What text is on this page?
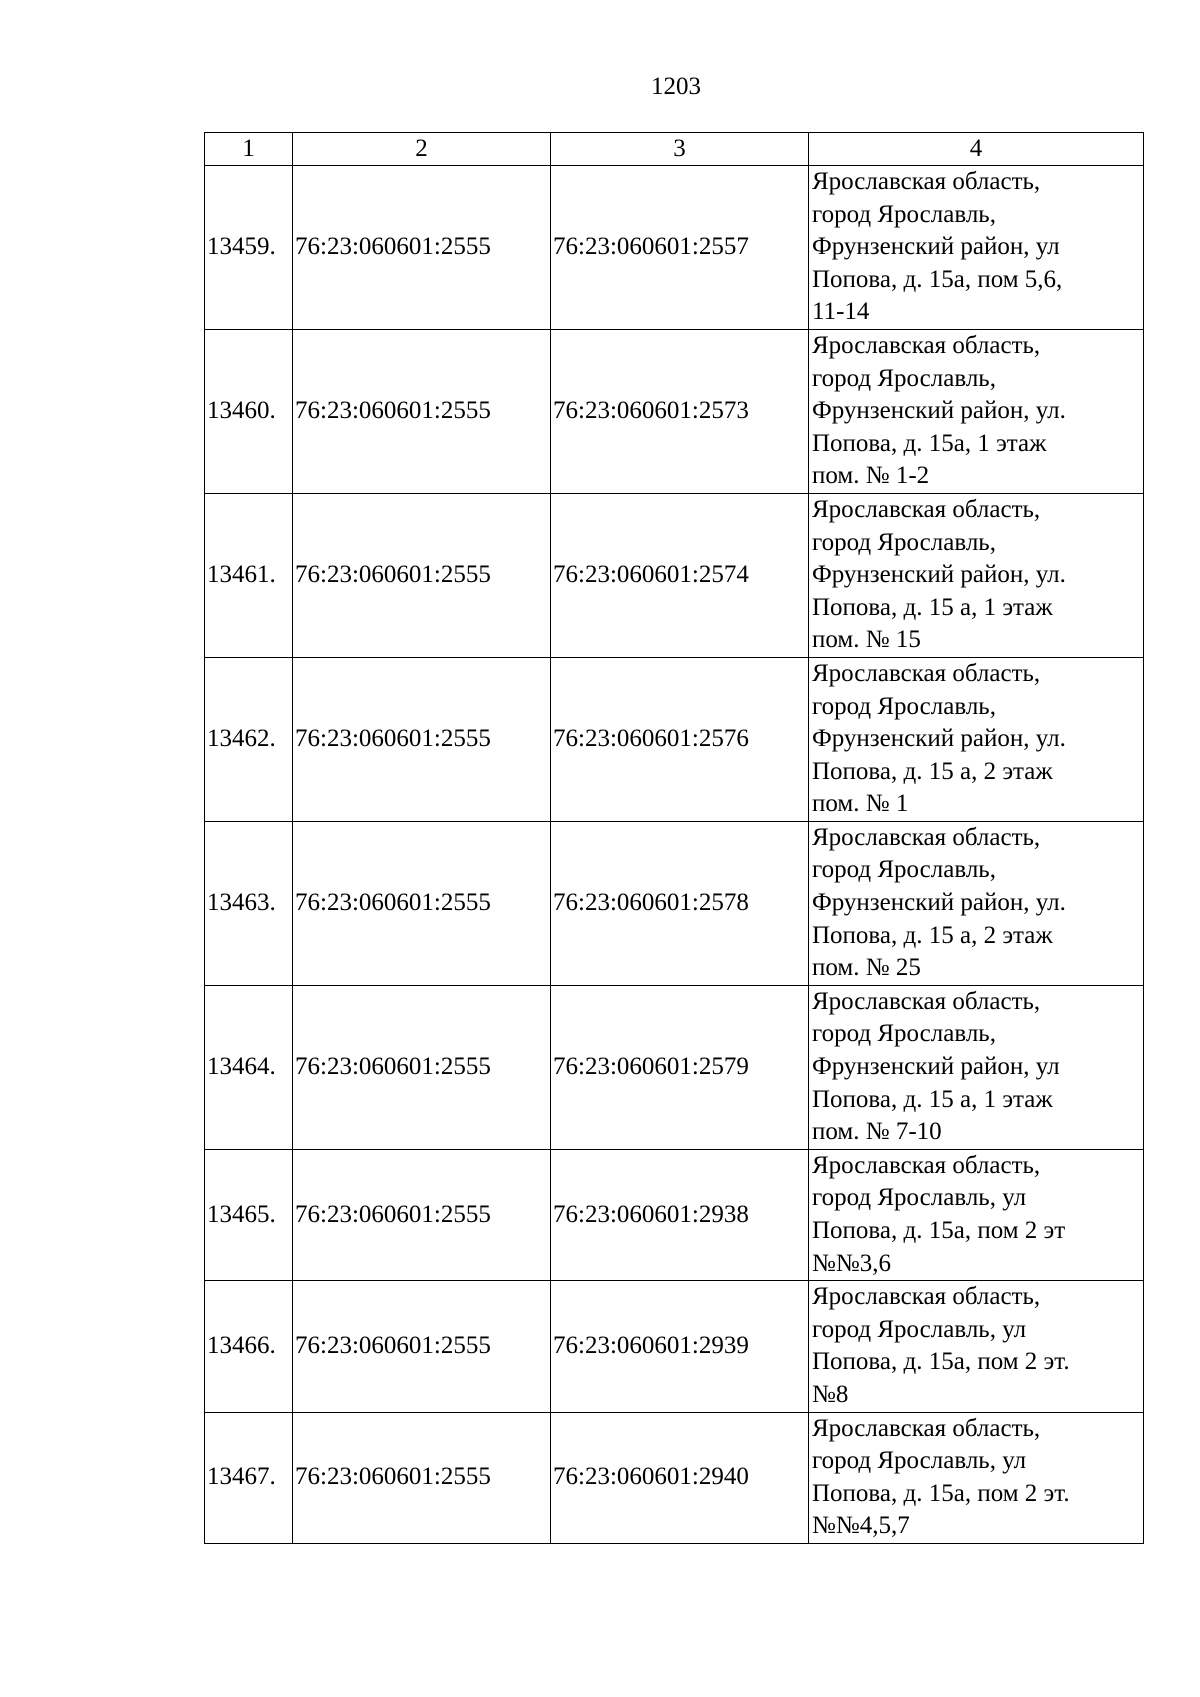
1203
1	2	3	4
13459.	76:23:060601:2555	76:23:060601:2557	Ярославская область,
город Ярославль,
Фрунзенский район, ул
Попова, д. 15а, пом 5,6,
11-14

13460.	76:23:060601:2555	76:23:060601:2573	Ярославская область,
город Ярославль,
Фрунзенский район, ул.
Попова, д. 15а, 1 этаж
пом. № 1-2

13461.	76:23:060601:2555	76:23:060601:2574	Ярославская область,
город Ярославль,
Фрунзенский район, ул.
Попова, д. 15 а, 1 этаж
пом. № 15

13462.	76:23:060601:2555	76:23:060601:2576	Ярославская область,
город Ярославль,
Фрунзенский район, ул.
Попова, д. 15 а, 2 этаж
пом. № 1

13463.	76:23:060601:2555	76:23:060601:2578	Ярославская область,
город Ярославль,
Фрунзенский район, ул.
Попова, д. 15 а, 2 этаж
пом. № 25

13464.	76:23:060601:2555	76:23:060601:2579	Ярославская область,
город Ярославль,
Фрунзенский район, ул
Попова, д. 15 а, 1 этаж
пом. № 7-10

13465.	76:23:060601:2555	76:23:060601:2938	Ярославская область,
город Ярославль, ул
Попова, д. 15а, пом 2 эт
№№3,6

13466.	76:23:060601:2555	76:23:060601:2939	Ярославская область,
город Ярославль, ул
Попова, д. 15а, пом 2 эт.
№8

13467.	76:23:060601:2555	76:23:060601:2940	Ярославская область,
город Ярославль, ул
Попова, д. 15а, пом 2 эт.
№№4,5,7
